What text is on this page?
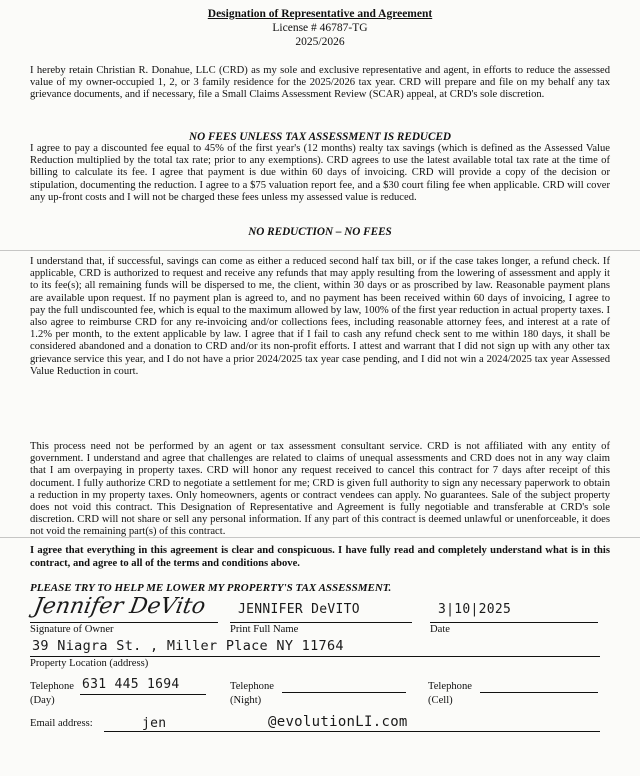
Designation of Representative and Agreement
License # 46787-TG
2025/2026

I hereby retain Christian R. Donahue, LLC (CRD) as my sole and exclusive representative and agent, in efforts to reduce the assessed value of my owner-occupied 1, 2, or 3 family residence for the 2025/2026 tax year. CRD will prepare and file on my behalf any tax grievance documents, and if necessary, file a Small Claims Assessment Review (SCAR) appeal, at CRD's sole discretion.

NO FEES UNLESS TAX ASSESSMENT IS REDUCED

I agree to pay a discounted fee equal to 45% of the first year's (12 months) realty tax savings (which is defined as the Assessed Value Reduction multiplied by the total tax rate; prior to any exemptions). CRD agrees to use the latest available total tax rate at the time of billing to calculate its fee. I agree that payment is due within 60 days of invoicing. CRD will provide a copy of the decision or stipulation, documenting the reduction. I agree to a $75 valuation report fee, and a $30 court filing fee when applicable. CRD will cover any up-front costs and I will not be charged these fees unless my assessed value is reduced.

NO REDUCTION – NO FEES

I understand that, if successful, savings can come as either a reduced second half tax bill, or if the case takes longer, a refund check. If applicable, CRD is authorized to request and receive any refunds that may apply resulting from the lowering of assessment and apply it to its fee(s); all remaining funds will be dispersed to me, the client, within 30 days or as proscribed by law. Reasonable payment plans are available upon request. If no payment plan is agreed to, and no payment has been received within 60 days of invoicing, I agree to pay the full undiscounted fee, which is equal to the maximum allowed by law, 100% of the first year reduction in actual property taxes. I also agree to reimburse CRD for any re-invoicing and/or collections fees, including reasonable attorney fees, and interest at a rate of 1.2% per month, to the extent applicable by law. I agree that if I fail to cash any refund check sent to me within 180 days, it shall be considered abandoned and a donation to CRD and/or its non-profit efforts. I attest and warrant that I did not sign up with any other tax grievance service this year, and I do not have a prior 2024/2025 tax year case pending, and I did not win a 2024/2025 tax year Assessed Value Reduction in court.

This process need not be performed by an agent or tax assessment consultant service. CRD is not affiliated with any entity of government. I understand and agree that challenges are related to claims of unequal assessments and CRD does not in any way claim that I am overpaying in property taxes. CRD will honor any request received to cancel this contract for 7 days after receipt of this document. I fully authorize CRD to negotiate a settlement for me; CRD is given full authority to sign any necessary paperwork to obtain a reduction in my property taxes. Only homeowners, agents or contract vendees can apply. No guarantees. Sale of the subject property does not void this contract. This Designation of Representative and Agreement is fully negotiable and transferable at CRD's sole discretion. CRD will not share or sell any personal information. If any part of this contract is deemed unlawful or unenforceable, it does not void the remaining part(s) of this contract.

I agree that everything in this agreement is clear and conspicuous. I have fully read and completely understand what is in this contract, and agree to all of the terms and conditions above.

PLEASE TRY TO HELP ME LOWER MY PROPERTY'S TAX ASSESSMENT.
Jennifer DeVito
Signature of Owner
JENNIFER DeVITO
Print Full Name
3|10|2025
Date
39 Niagra St. , Miller Place NY 11764
Property Location (address)
Telephone 631 445 1694
(Day)
Telephone
(Night)
Telephone
(Cell)
Email address:	jen	@evolutionLI.com
